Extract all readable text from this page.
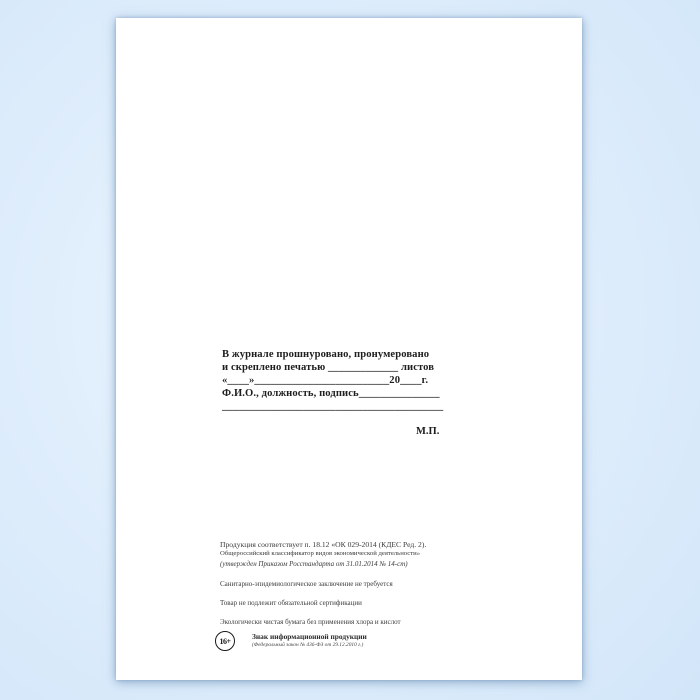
В журнале прошнуровано, пронумеровано
и скреплено печатью _____________ листов
«____»_________________________20____г.
Ф.И.О., должность, подпись_______________
_________________________________________
М.П.
Продукция соответствует п. 18.12 «ОК 029-2014 (КДЕС Ред. 2).
Общероссийский классификатор видов экономической деятельности»
(утвержден Приказом Росстандарта от 31.01.2014 № 14-ст)
Санитарно-эпидемиологическое заключение не требуется
Товар не подлежит обязательной сертификации
Экологически чистая бумага без применения хлора и кислот
16+	Знак информационной продукции
(Федеральный закон № 436-ФЗ от 29.12.2010 г.)
